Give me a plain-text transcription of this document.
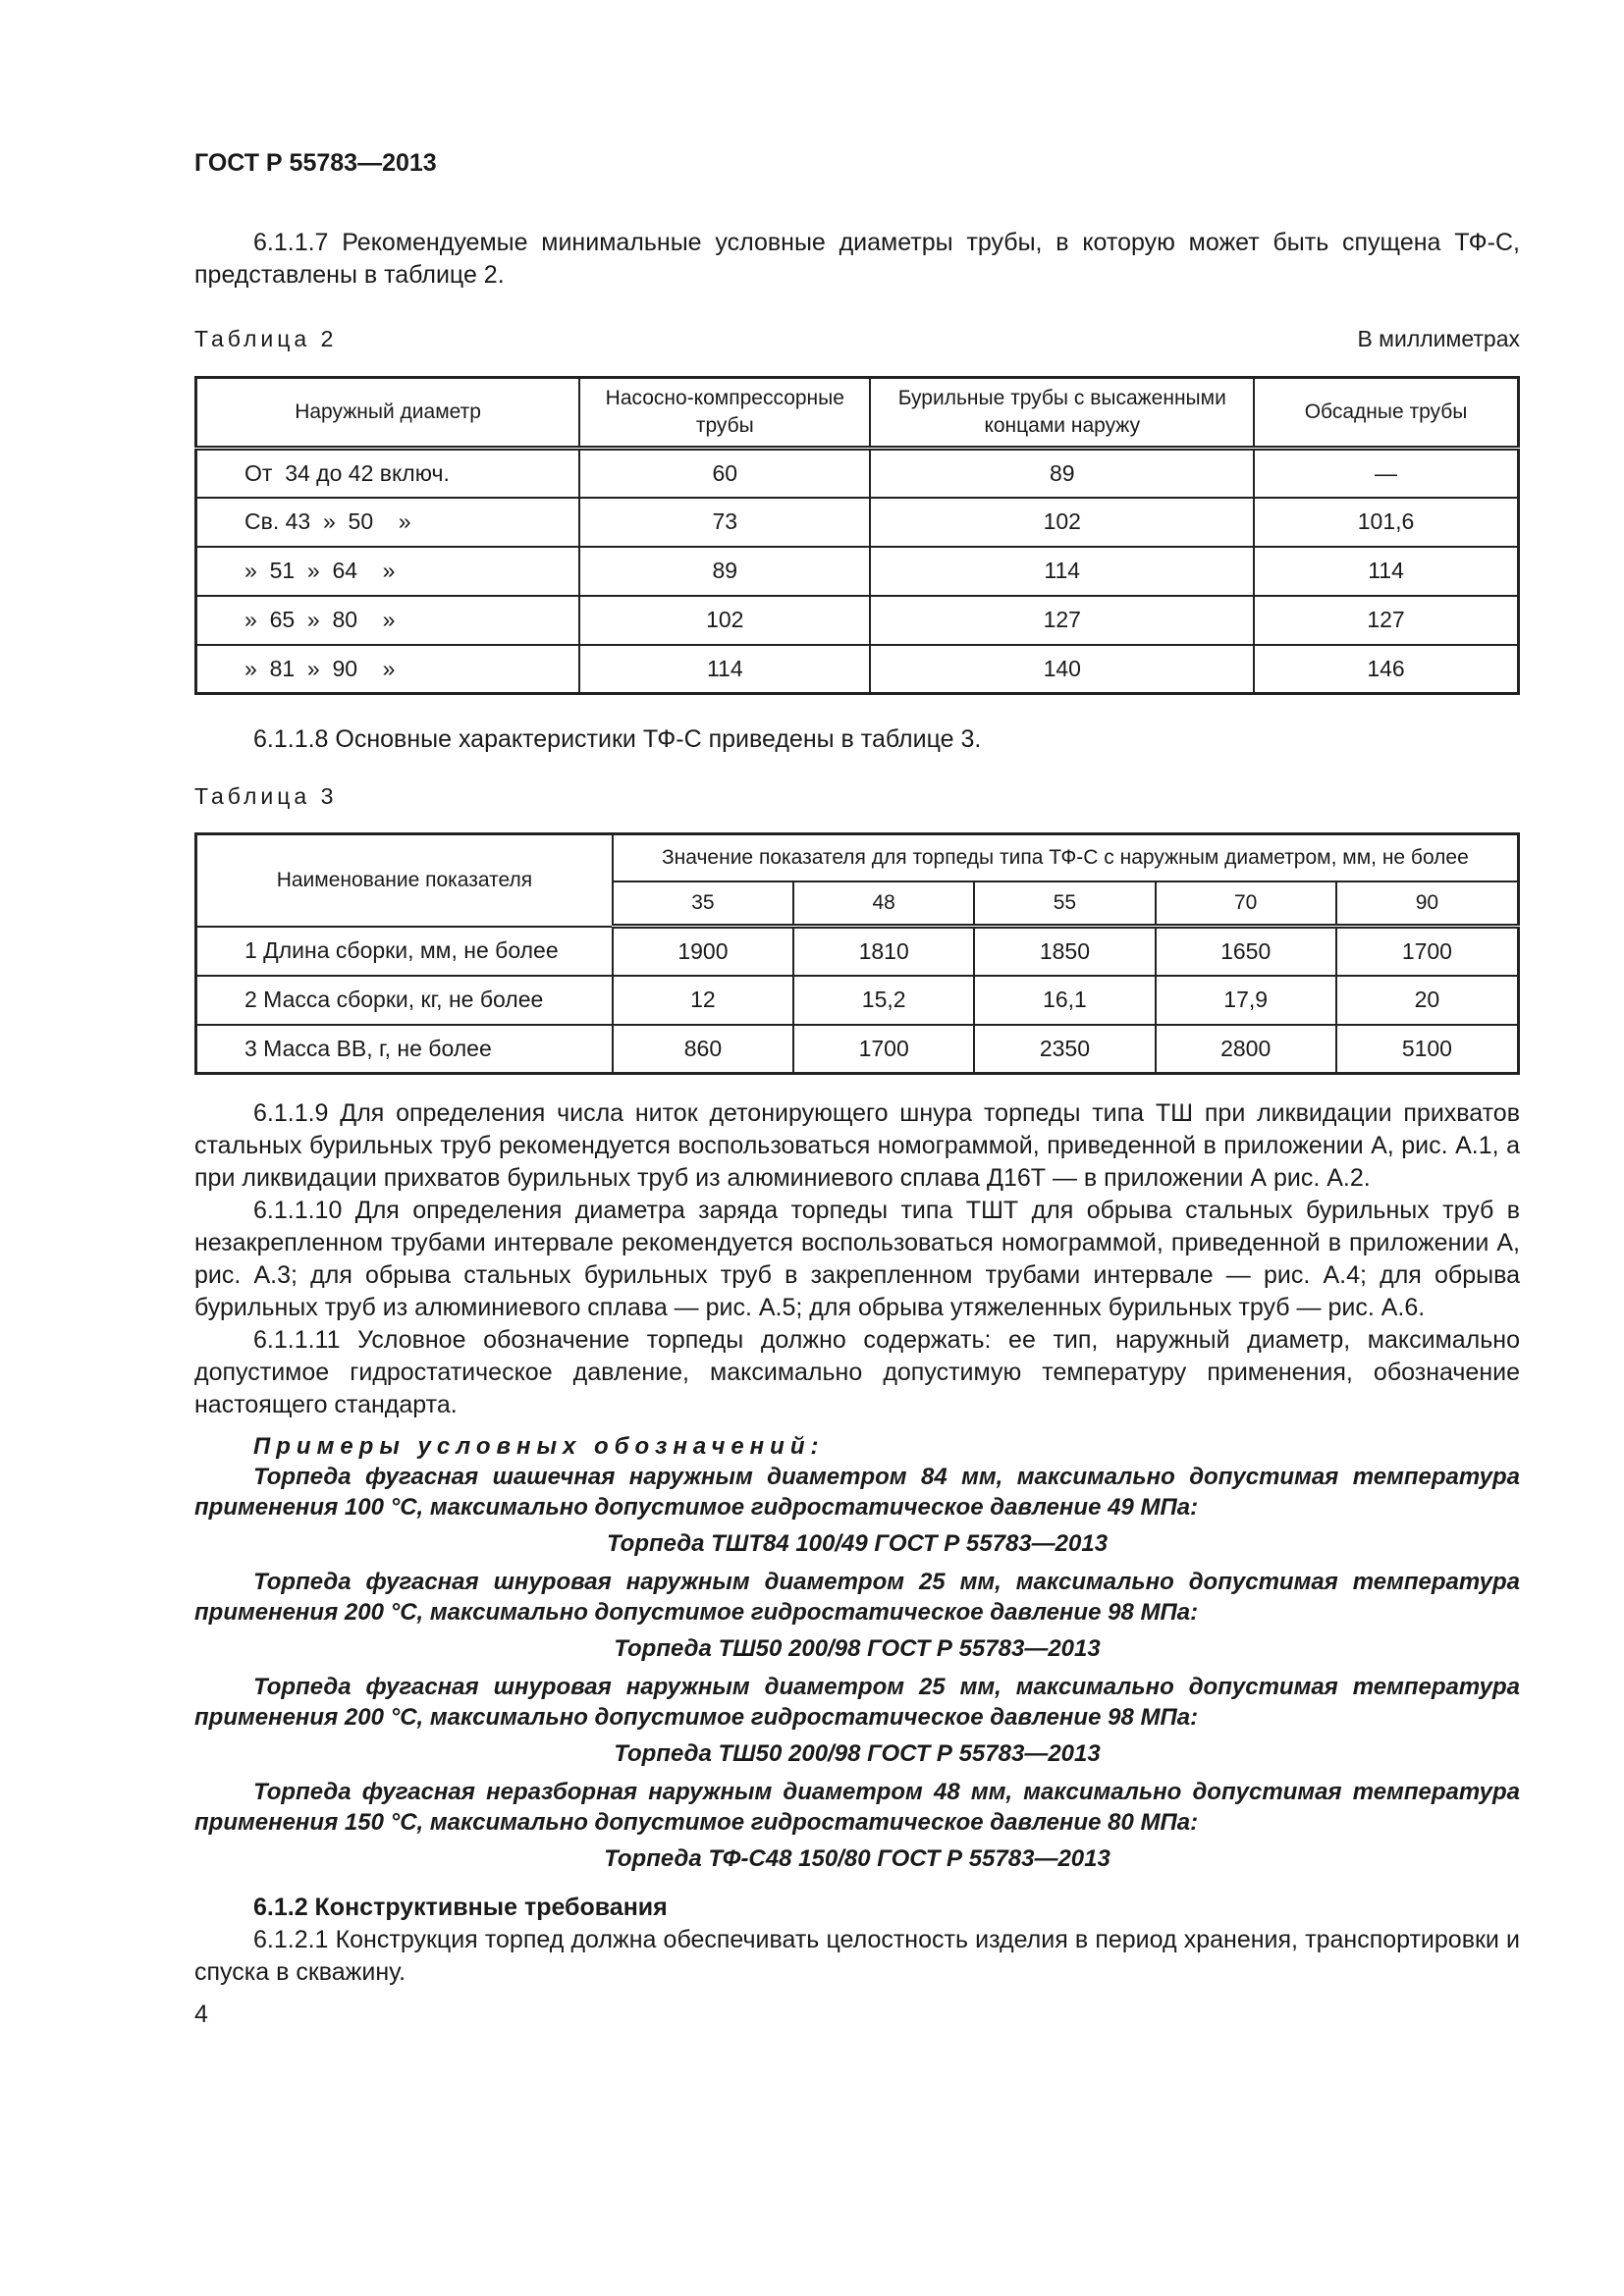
ГОСТ Р 55783—2013

6.1.1.7 Рекомендуемые минимальные условные диаметры трубы, в которую может быть спущена ТФ-С, представлены в таблице 2.

Таблица 2	В миллиметрах
Наружный диаметр	Насосно-компрессорные трубы	Бурильные трубы с высаженными концами наружу	Обсадные трубы
От  34 до 42 включ.	60	89	—
Св. 43  »  50    »	73	102	101,6
»  51  »  64    »	89	114	114
»  65  »  80    »	102	127	127
»  81  »  90    »	114	140	146

6.1.1.8 Основные характеристики ТФ-С приведены в таблице 3.

Таблица 3
Наименование показателя	Значение показателя для торпеды типа ТФ-С с наружным диаметром, мм, не более				
	35	48	55	70	90
1 Длина сборки, мм, не более	1900	1810	1850	1650	1700
2 Масса сборки, кг, не более	12	15,2	16,1	17,9	20
3 Масса ВВ, г, не более	860	1700	2350	2800	5100

6.1.1.9 Для определения числа ниток детонирующего шнура торпеды типа ТШ при ликвидации прихватов стальных бурильных труб рекомендуется воспользоваться номограммой, приведенной в приложении А, рис. А.1, а при ликвидации прихватов бурильных труб из алюминиевого сплава Д16Т — в приложении А рис. А.2.

6.1.1.10 Для определения диаметра заряда торпеды типа ТШТ для обрыва стальных бурильных труб в незакрепленном трубами интервале рекомендуется воспользоваться номограммой, приведенной в приложении А, рис. А.3; для обрыва стальных бурильных труб в закрепленном трубами интервале — рис. А.4; для обрыва бурильных труб из алюминиевого сплава — рис. А.5; для обрыва утяжеленных бурильных труб — рис. А.6.

6.1.1.11 Условное обозначение торпеды должно содержать: ее тип, наружный диаметр, максимально допустимое гидростатическое давление, максимально допустимую температуру применения, обозначение настоящего стандарта.

Примеры условных обозначений:

Торпеда фугасная шашечная наружным диаметром 84 мм, максимально допустимая температура применения 100 °С, максимально допустимое гидростатическое давление 49 МПа:

Торпеда ТШТ84 100/49 ГОСТ Р 55783—2013

Торпеда фугасная шнуровая наружным диаметром 25 мм, максимально допустимая температура применения 200 °С, максимально допустимое гидростатическое давление 98 МПа:

Торпеда ТШ50 200/98 ГОСТ Р 55783—2013

Торпеда фугасная шнуровая наружным диаметром 25 мм, максимально допустимая температура применения 200 °С, максимально допустимое гидростатическое давление 98 МПа:

Торпеда ТШ50 200/98 ГОСТ Р 55783—2013

Торпеда фугасная неразборная наружным диаметром 48 мм, максимально допустимая температура применения 150 °С, максимально допустимое гидростатическое давление 80 МПа:

Торпеда ТФ-С48 150/80 ГОСТ Р 55783—2013

6.1.2 Конструктивные требования

6.1.2.1 Конструкция торпед должна обеспечивать целостность изделия в период хранения, транспортировки и спуска в скважину.

4
